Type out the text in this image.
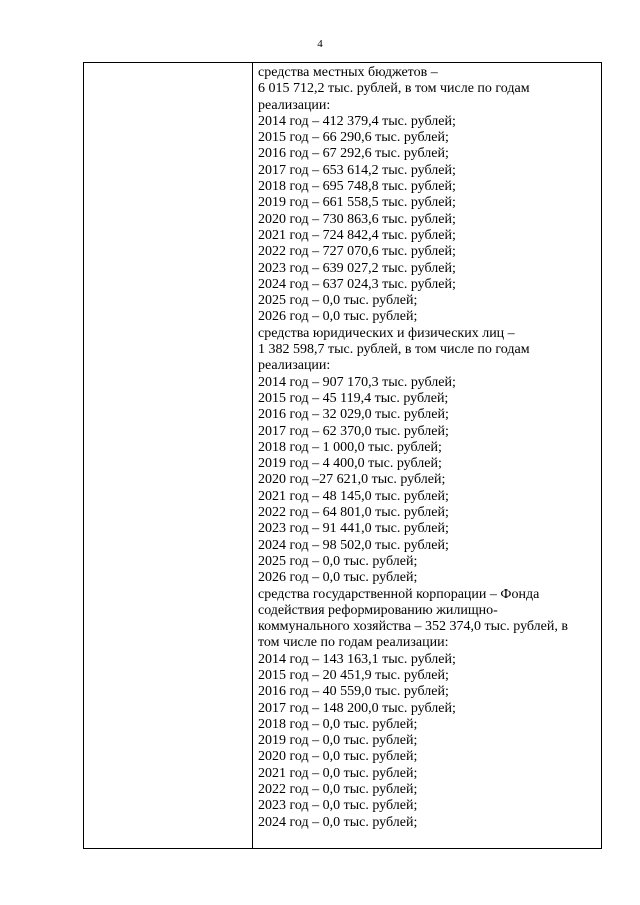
4
средства местных бюджетов –
6 015 712,2 тыс. рублей, в том числе по годам
реализации:
2014 год – 412 379,4 тыс. рублей;
2015 год – 66 290,6 тыс. рублей;
2016 год – 67 292,6 тыс. рублей;
2017 год – 653 614,2 тыс. рублей;
2018 год – 695 748,8 тыс. рублей;
2019 год – 661 558,5 тыс. рублей;
2020 год – 730 863,6 тыс. рублей;
2021 год – 724 842,4 тыс. рублей;
2022 год – 727 070,6 тыс. рублей;
2023 год – 639 027,2 тыс. рублей;
2024 год – 637 024,3 тыс. рублей;
2025 год – 0,0 тыс. рублей;
2026 год – 0,0 тыс. рублей;
средства юридических и физических лиц –
1 382 598,7 тыс. рублей, в том числе по годам
реализации:
2014 год – 907 170,3 тыс. рублей;
2015 год – 45 119,4 тыс. рублей;
2016 год – 32 029,0 тыс. рублей;
2017 год – 62 370,0 тыс. рублей;
2018 год – 1 000,0 тыс. рублей;
2019 год – 4 400,0 тыс. рублей;
2020 год –27 621,0 тыс. рублей;
2021 год – 48 145,0 тыс. рублей;
2022 год – 64 801,0 тыс. рублей;
2023 год – 91 441,0 тыс. рублей;
2024 год – 98 502,0 тыс. рублей;
2025 год – 0,0 тыс. рублей;
2026 год – 0,0 тыс. рублей;
средства государственной корпорации – Фонда
содействия реформированию жилищно-
коммунального хозяйства – 352 374,0 тыс. рублей, в
том числе по годам реализации:
2014 год – 143 163,1 тыс. рублей;
2015 год – 20 451,9 тыс. рублей;
2016 год – 40 559,0 тыс. рублей;
2017 год – 148 200,0 тыс. рублей;
2018 год – 0,0 тыс. рублей;
2019 год – 0,0 тыс. рублей;
2020 год – 0,0 тыс. рублей;
2021 год – 0,0 тыс. рублей;
2022 год – 0,0 тыс. рублей;
2023 год – 0,0 тыс. рублей;
2024 год – 0,0 тыс. рублей;
